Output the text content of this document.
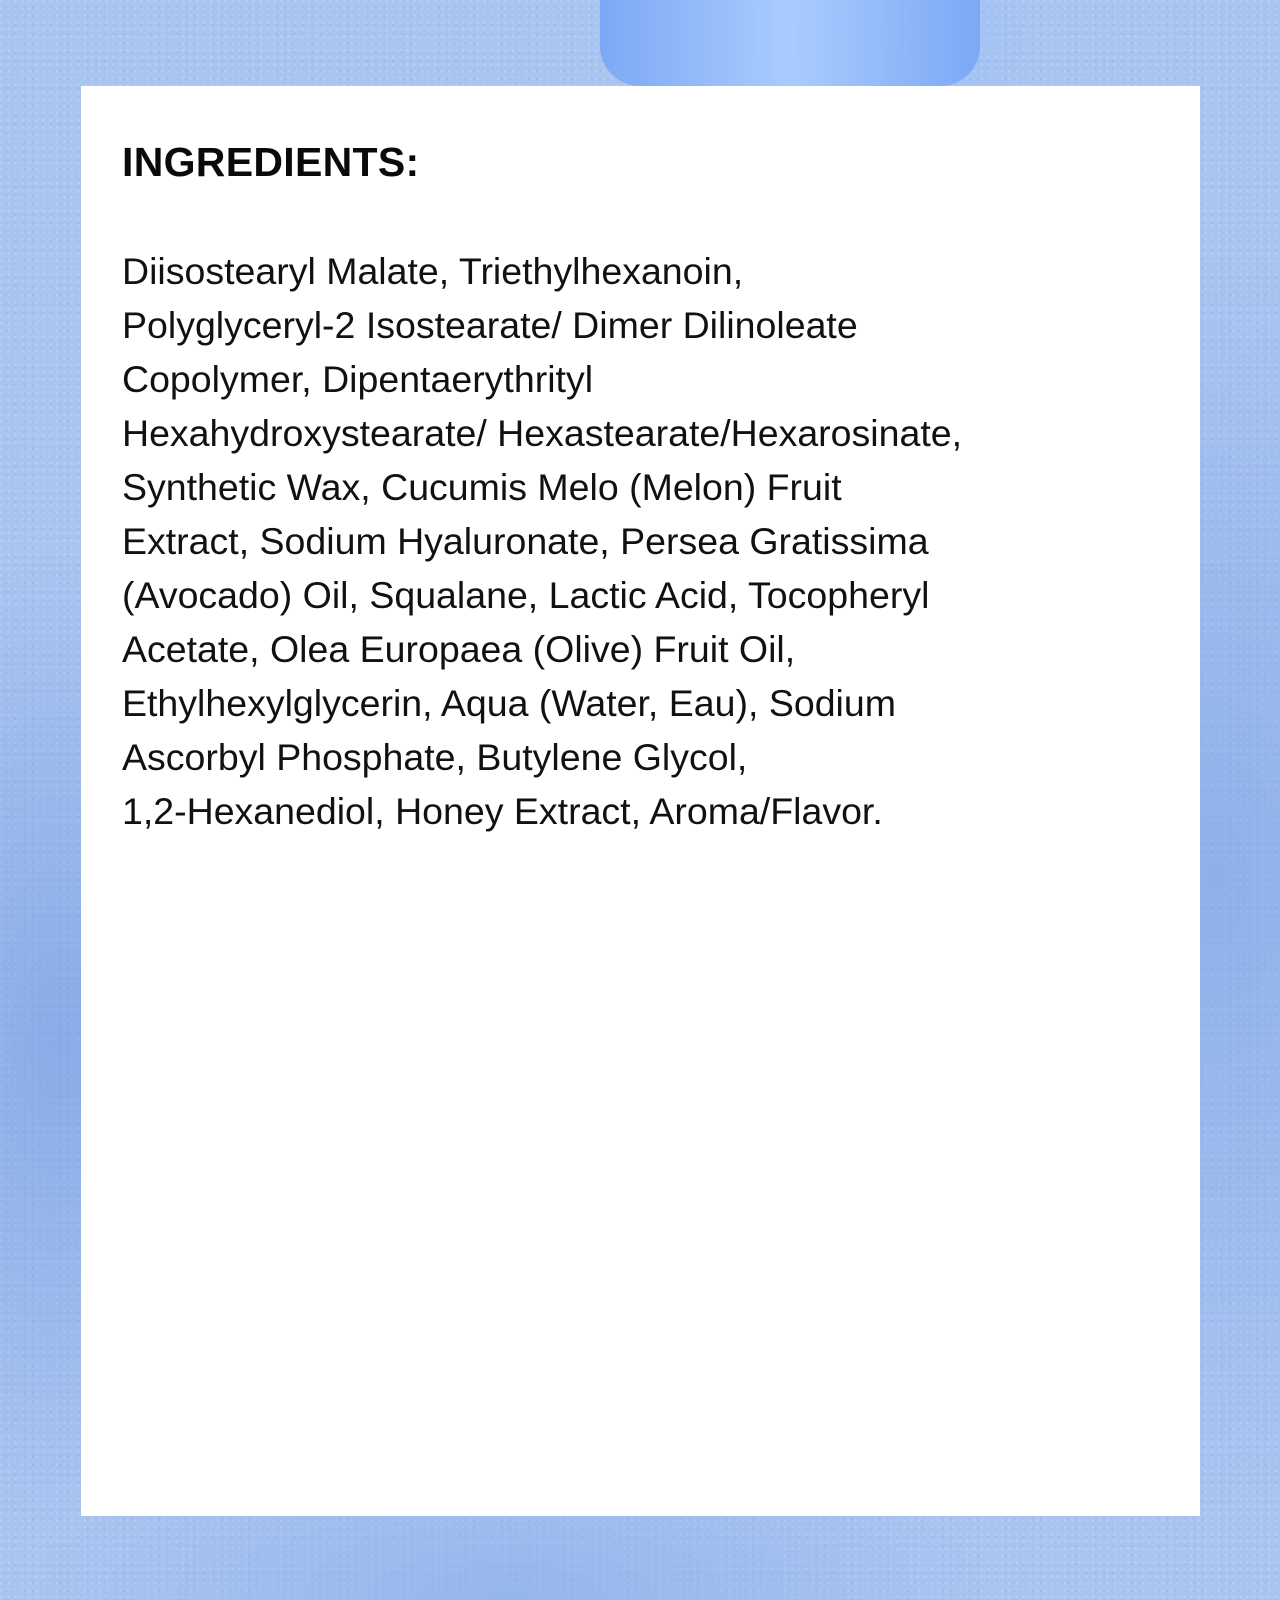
INGREDIENTS:

Diisostearyl Malate, Triethylhexanoin,
Polyglyceryl-2 Isostearate/ Dimer Dilinoleate
Copolymer, Dipentaerythrityl
Hexahydroxystearate/ Hexastearate/Hexarosinate,
Synthetic Wax, Cucumis Melo (Melon) Fruit
Extract, Sodium Hyaluronate, Persea Gratissima
(Avocado) Oil, Squalane, Lactic Acid, Tocopheryl
Acetate, Olea Europaea (Olive) Fruit Oil,
Ethylhexylglycerin, Aqua (Water, Eau), Sodium
Ascorbyl Phosphate, Butylene Glycol,
1,2-Hexanediol, Honey Extract, Aroma/Flavor.
